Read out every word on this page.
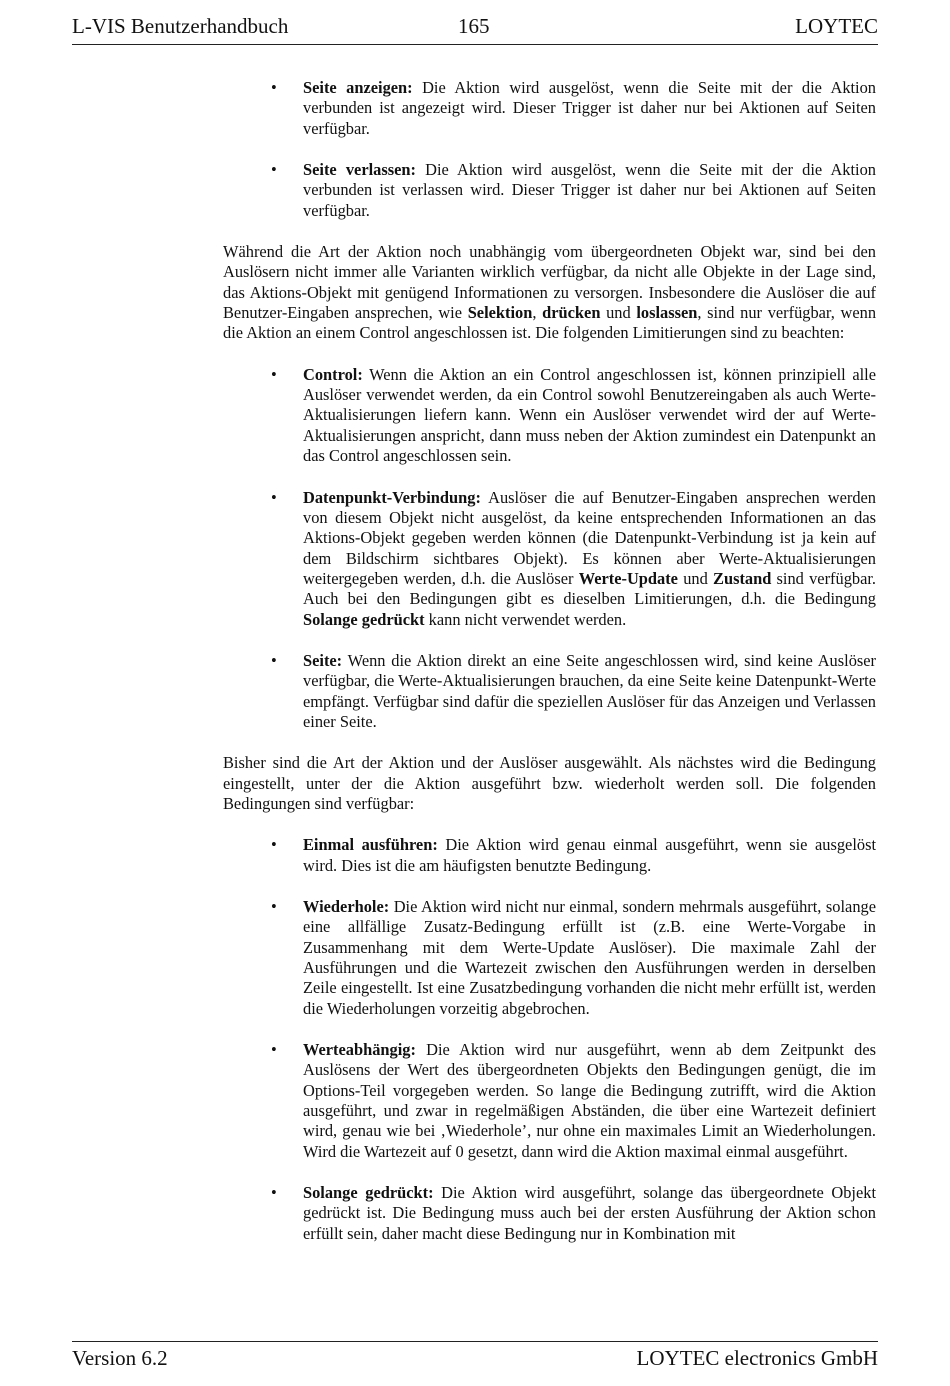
L-VIS Benutzerhandbuch	165	LOYTEC
• Seite anzeigen: Die Aktion wird ausgelöst, wenn die Seite mit der die Aktion verbunden ist angezeigt wird. Dieser Trigger ist daher nur bei Aktionen auf Seiten verfügbar.
• Seite verlassen: Die Aktion wird ausgelöst, wenn die Seite mit der die Aktion verbunden ist verlassen wird. Dieser Trigger ist daher nur bei Aktionen auf Seiten verfügbar.

Während die Art der Aktion noch unabhängig vom übergeordneten Objekt war, sind bei den Auslösern nicht immer alle Varianten wirklich verfügbar, da nicht alle Objekte in der Lage sind, das Aktions-Objekt mit genügend Informationen zu versorgen. Insbesondere die Auslöser die auf Benutzer-Eingaben ansprechen, wie Selektion, drücken und loslassen, sind nur verfügbar, wenn die Aktion an einem Control angeschlossen ist. Die folgenden Limitierungen sind zu beachten:

• Control: Wenn die Aktion an ein Control angeschlossen ist, können prinzipiell alle Auslöser verwendet werden, da ein Control sowohl Benutzereingaben als auch Werte-Aktualisierungen liefern kann. Wenn ein Auslöser verwendet wird der auf Werte-Aktualisierungen anspricht, dann muss neben der Aktion zumindest ein Datenpunkt an das Control angeschlossen sein.
• Datenpunkt-Verbindung: Auslöser die auf Benutzer-Eingaben ansprechen werden von diesem Objekt nicht ausgelöst, da keine entsprechenden Informationen an das Aktions-Objekt gegeben werden können (die Datenpunkt-Verbindung ist ja kein auf dem Bildschirm sichtbares Objekt). Es können aber Werte-Aktualisierungen weitergegeben werden, d.h. die Auslöser Werte-Update und Zustand sind verfügbar. Auch bei den Bedingungen gibt es dieselben Limitierungen, d.h. die Bedingung Solange gedrückt kann nicht verwendet werden.
• Seite: Wenn die Aktion direkt an eine Seite angeschlossen wird, sind keine Auslöser verfügbar, die Werte-Aktualisierungen brauchen, da eine Seite keine Datenpunkt-Werte empfängt. Verfügbar sind dafür die speziellen Auslöser für das Anzeigen und Verlassen einer Seite.

Bisher sind die Art der Aktion und der Auslöser ausgewählt. Als nächstes wird die Bedingung eingestellt, unter der die Aktion ausgeführt bzw. wiederholt werden soll. Die folgenden Bedingungen sind verfügbar:

• Einmal ausführen: Die Aktion wird genau einmal ausgeführt, wenn sie ausgelöst wird. Dies ist die am häufigsten benutzte Bedingung.
• Wiederhole: Die Aktion wird nicht nur einmal, sondern mehrmals ausgeführt, solange eine allfällige Zusatz-Bedingung erfüllt ist (z.B. eine Werte-Vorgabe in Zusammenhang mit dem Werte-Update Auslöser). Die maximale Zahl der Ausführungen und die Wartezeit zwischen den Ausführungen werden in derselben Zeile eingestellt. Ist eine Zusatzbedingung vorhanden die nicht mehr erfüllt ist, werden die Wiederholungen vorzeitig abgebrochen.
• Werteabhängig: Die Aktion wird nur ausgeführt, wenn ab dem Zeitpunkt des Auslösens der Wert des übergeordneten Objekts den Bedingungen genügt, die im Options-Teil vorgegeben werden. So lange die Bedingung zutrifft, wird die Aktion ausgeführt, und zwar in regelmäßigen Abständen, die über eine Wartezeit definiert wird, genau wie bei ‚Wiederhole’, nur ohne ein maximales Limit an Wiederholungen. Wird die Wartezeit auf 0 gesetzt, dann wird die Aktion maximal einmal ausgeführt.
• Solange gedrückt: Die Aktion wird ausgeführt, solange das übergeordnete Objekt gedrückt ist. Die Bedingung muss auch bei der ersten Ausführung der Aktion schon erfüllt sein, daher macht diese Bedingung nur in Kombination mit
Version 6.2	LOYTEC electronics GmbH
